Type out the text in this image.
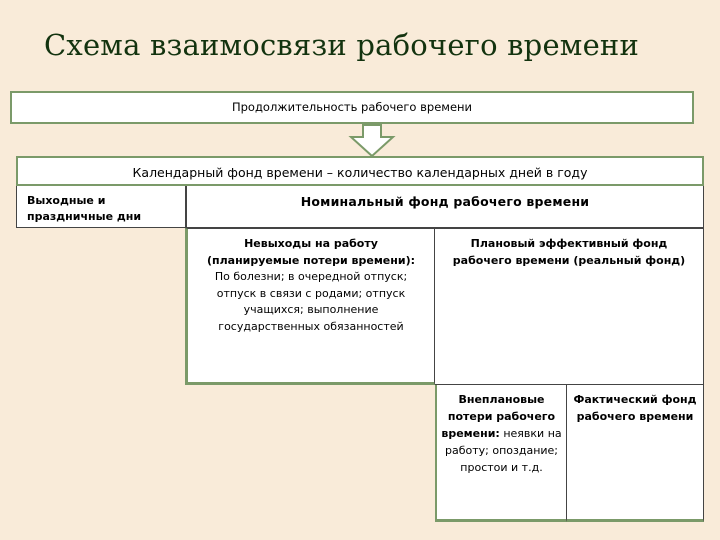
Схема взаимосвязи рабочего времени
Продолжительность рабочего времени
Календарный фонд времени – количество календарных дней в году
Выходные и праздничные дни
Номинальный фонд рабочего времени
Невыходы на работу (планируемые потери времени): По болезни; в очередной отпуск; отпуск в связи с родами; отпуск учащихся; выполнение государственных обязанностей
Плановый эффективный фонд рабочего времени (реальный фонд)
Внеплановые потери рабочего времени: неявки на работу; опоздание; простои и т.д.
Фактический фонд рабочего времени
